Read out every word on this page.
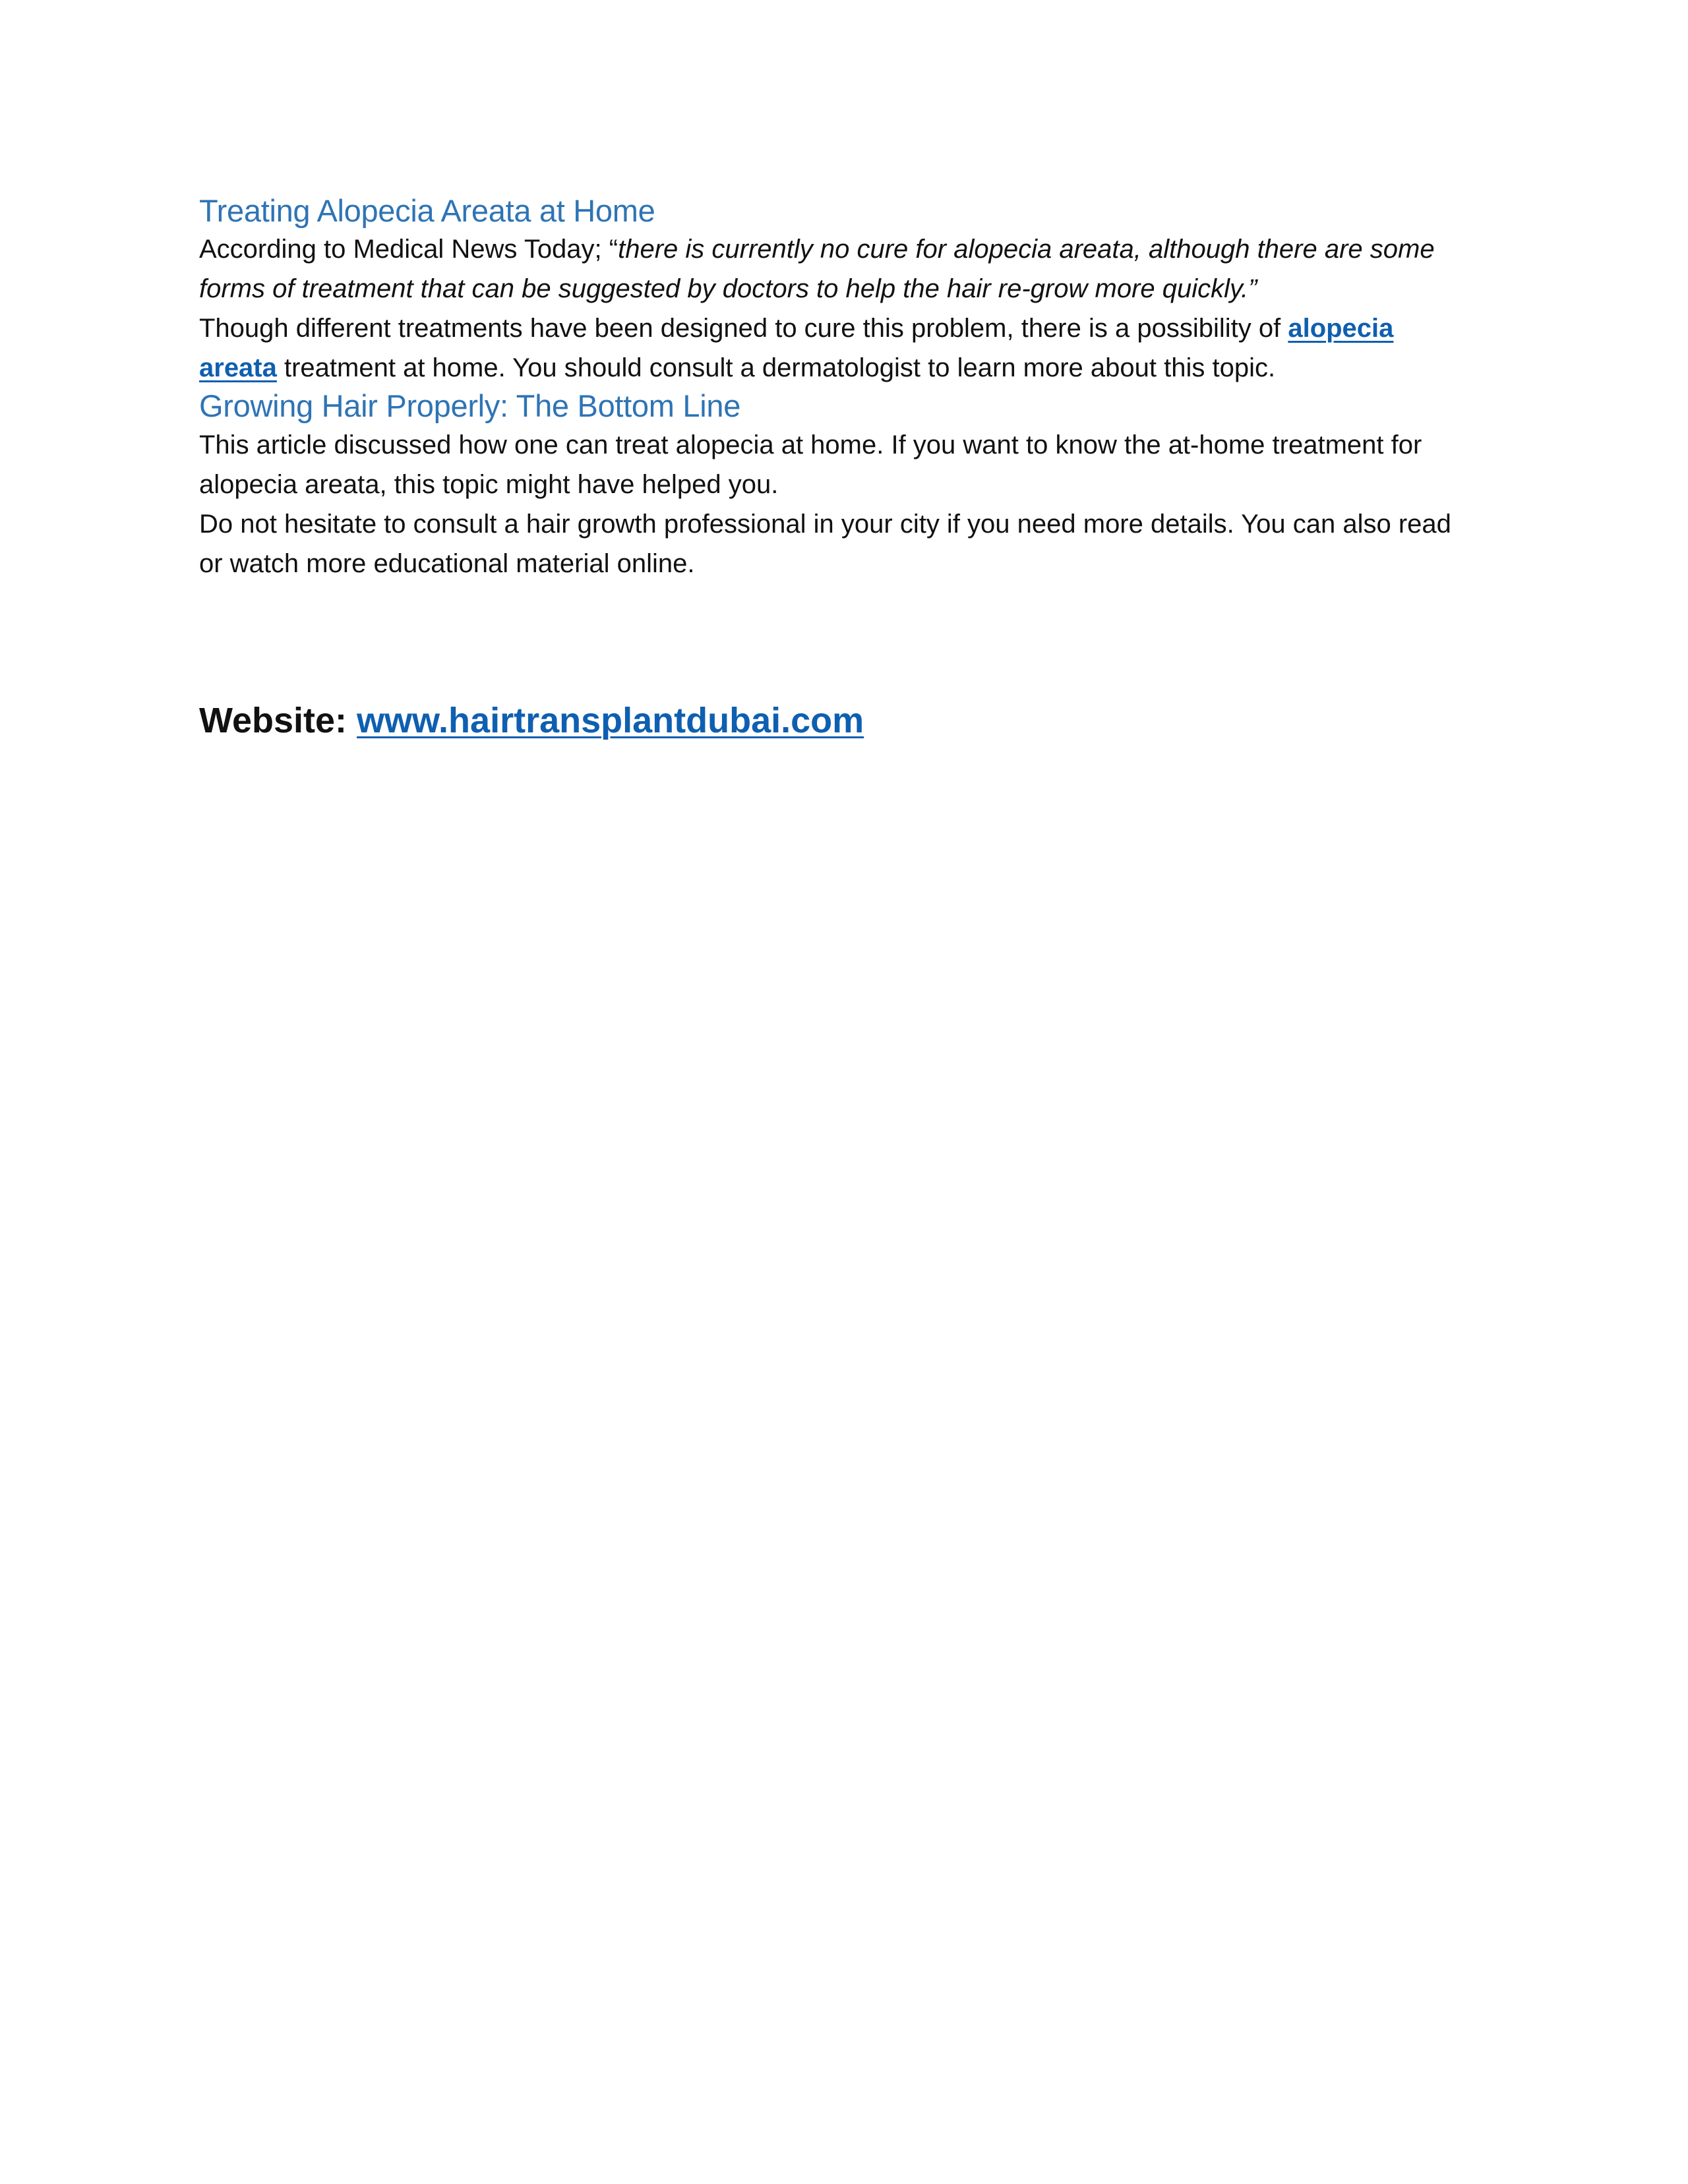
Treating Alopecia Areata at Home

According to Medical News Today; “there is currently no cure for alopecia areata, although there are some forms of treatment that can be suggested by doctors to help the hair re-grow more quickly.”

Though different treatments have been designed to cure this problem, there is a possibility of alopecia areata treatment at home. You should consult a dermatologist to learn more about this topic.

Growing Hair Properly: The Bottom Line

This article discussed how one can treat alopecia at home. If you want to know the at-home treatment for alopecia areata, this topic might have helped you.

Do not hesitate to consult a hair growth professional in your city if you need more details. You can also read or watch more educational material online.

Website: www.hairtransplantdubai.com
